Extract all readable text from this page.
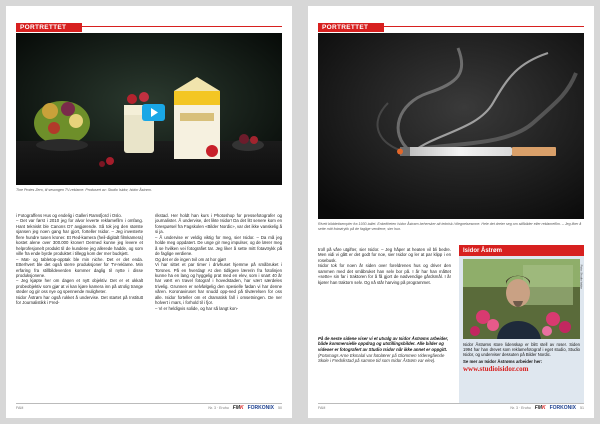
PORTRETTET
Tine Protes Zero, til sesongen TV-reklame. Produsert av: Studio Isidor, Isidor Åstrøm.

i Fotograffens Hus og endelig i Galleri Ramsfjord i Oslo.

– Det var først i 2010 jeg for alvor leverte reklamefilm i omfang. Hant tekniskt ble Canons D7 avgjørende. Så tok jeg den største sjansen jeg noen gang har gjort, forteller Isidor. – Jeg investerte flere hundre tusen kroner. Et Red-kamera (heil-digitalt filmkamera) kostet alene over 300.000 kroner! Dermed kunne jeg levere et helprofesjonelt produkt til de kundene jeg allerede hadde, og som ville fra ende byrde produktet i tillegg kom der mer budsjett.

– Mat- og tabletop-opptak ble min niche. Det er det enda. Etterhvert ble det også sterre produksjoner for TV-reklame. Min erfaring fra stillbildeverden kommer daglig til nytte i disse produksjonene.

– Jeg kjøpte her om dagen et nytt objektiv. Det er et ukkalt probeobjektiv som gjør at vi kan kjøre kamera inn på utrolig trange steder og gir oss nye og spennende muligheter.

Isidor Åstrøm har også rukket å undervise. Det startet på Institutt for Journalistikk i Fred-

rikstad. Her holdt han kurs i Photoshop for pressefotografer og journalister. Å undervise, det likte Isidor! Da det litt senere kom en forespørsel fra Fagskolen «Bilder Nordic», var det ikke vanskelig å si ja.

– Å undervise er veldig viktig for meg, sier Isidor. – Da må jeg holde meg oppdatert. De unge gir meg impulser, og de lærer meg å se hvilken vei fotografiet tar. Jeg liker å sette mitt fotavtrykk på de faglige verdiene.

Og det er de ingen tvil om at hor gjør!

Vi har sittet et par timer i drivhuset hjemme på småbruket i Torsnes. På en hverdag! At den tidligere lærerin fra fotolinjen kunne ha en lang og hyggelig prat med en elev, som i snart 40 år har vært en travel fotograf i hovedstaden, har vært særdeles trivelig. Grunnen er selvfølgelig den spesielle fødan vi har denne våren. Koronaviruset har snudd opp-ned på tilværelsen for oss alle. Isidor forteller om et dramatisk fall i omsetningen. De ner holvert i mars, i forhold til i fjor.

– Vi er heldigvis solide, og har så langt kon-

FAM	Nr. 3 · Eruhu FMK FORKONIX 50
PORTRETTET
Rivett bilddetisempler fra 1930-tallet. Enkeltheten Isidor Åstrøm behersker alt teknisk i tilegnelsesmne. Hele det dreier seg om stillbilder eller reklamefilm. – Jeg liker å sette mitt fotavtrykk på de faglige verdiene, sier hun.

troll på våre utgifter, sier Isidor. – Jeg håper at heaten vil bli bedre. Men vidi vi gått er det godt for noe, sier Isidor og ler at par klipp i en rosebusk.

Isidor tok for noen år siden over foreldrenes hus og driver den sammen med det småbruket han selv bor på. I år har han måttet «sette» sin far i traktoren for å få gjort de nødvendige gårdsmål. I år kjører han traktorn selv. Og nå står harving på programmet.

På de neste sidene viser vi et utvalg av Isidor Åstrøms arbeider, både kommersielle oppdrag og utstillingsbilder. Alle bilder og videoer er fotografert av Studio Isidor når ikke annet er oppgitt.
(Fotomags Arne Ekmalal var fotolærer på Glommen Videregående Skole i Fredrikstad på samme tid som Isidor Åstrøm var elev).
Isidor Åstrøm
Foto: Studio Isidor
Isidor Åstrøms store lidenskap er blitt stell av roser. Siden 1994 har han drevet som reklamefotograf i eget studio, Studio Isidor, og underviser dessuten på Bilder Nordic.
Se mer av Isidor Åstrøms arbeider her:
www.studioisidor.com
FAM	Nr. 3 · Eruhu FMK FORKONIX 51
